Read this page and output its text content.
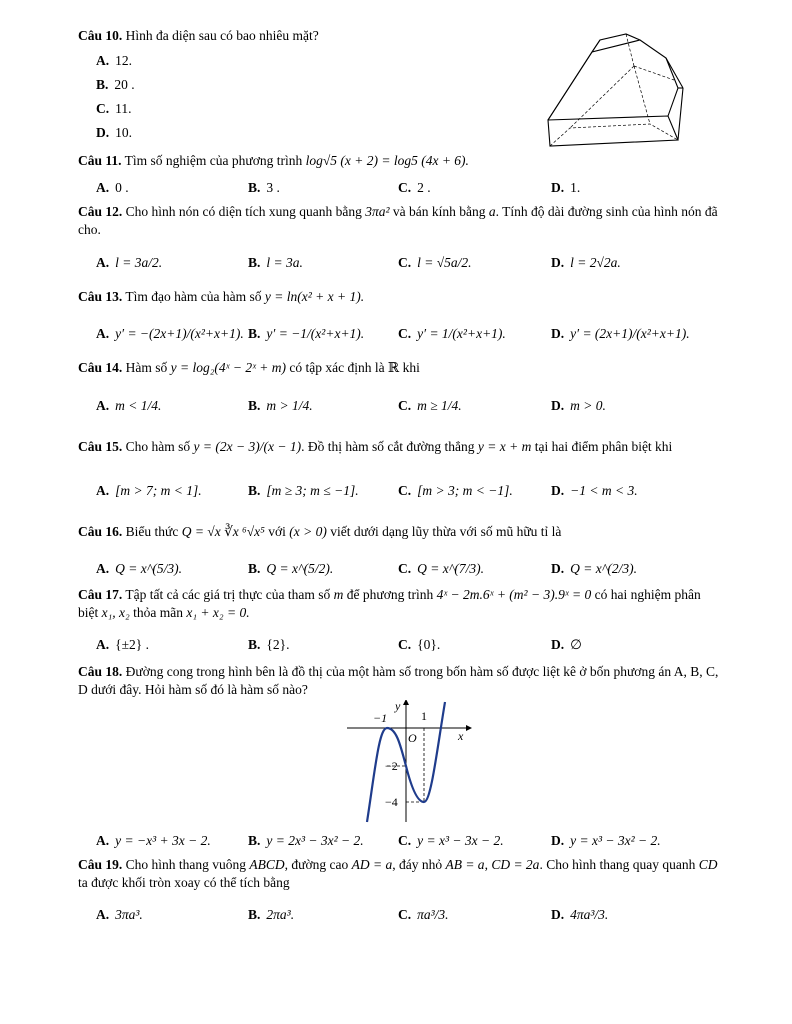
Câu 10. Hình đa diện sau có bao nhiêu mặt?
A. 12.
B. 20 .
C. 11.
D. 10.
Câu 11. Tìm số nghiệm của phương trình log√5 (x + 2) = log5 (4x + 6).
A. 0 .	B. 3 .	C. 2 .	D. 1.
Câu 12. Cho hình nón có diện tích xung quanh bằng 3πa² và bán kính bằng a. Tính độ dài đường sinh của hình nón đã cho.
A. l = 3a/2.	B. l = 3a.	C. l = √5a/2.	D. l = 2√2a.
Câu 13. Tìm đạo hàm của hàm số y = ln(x² + x + 1).
A. y′ = −(2x+1)/(x²+x+1). B. y′ = −1/(x²+x+1).	C. y′ = 1/(x²+x+1).	D. y′ = (2x+1)/(x²+x+1).
Câu 14. Hàm số y = log₂(4ˣ − 2ˣ + m) có tập xác định là ℝ khi
A. m < 1/4.	B. m > 1/4.	C. m ≥ 1/4.	D. m > 0.
Câu 15. Cho hàm số y = (2x − 3)/(x − 1). Đồ thị hàm số cắt đường thẳng y = x + m tại hai điểm phân biệt khi
A. [m > 7; m < 1].	B. [m ≥ 3; m ≤ −1].	C. [m > 3; m < −1].	D. −1 < m < 3.
Câu 16. Biểu thức Q = √x ∛x ⁶√x⁵ với (x > 0) viết dưới dạng lũy thừa với số mũ hữu tỉ là
A. Q = x^(5/3).	B. Q = x^(5/2).	C. Q = x^(7/3).	D. Q = x^(2/3).
Câu 17. Tập tất cả các giá trị thực của tham số m để phương trình 4ˣ − 2m.6ˣ + (m² − 3).9ˣ = 0 có hai nghiệm phân biệt x₁, x₂ thỏa mãn x₁ + x₂ = 0.
A. {±2} .	B. {2}.	C. {0}.	D. ∅
Câu 18. Đường cong trong hình bên là đồ thị của một hàm số trong bốn hàm số được liệt kê ở bốn phương án A, B, C, D dưới đây. Hỏi hàm số đó là hàm số nào?
−1	1
y
x
O
−2
−4
A. y = −x³ + 3x − 2.	B. y = 2x³ − 3x² − 2.	C. y = x³ − 3x − 2.	D. y = x³ − 3x² − 2.
Câu 19. Cho hình thang vuông ABCD, đường cao AD = a, đáy nhỏ AB = a, CD = 2a. Cho hình thang quay quanh CD ta được khối tròn xoay có thể tích bằng
A. 3πa³.	B. 2πa³.	C. πa³/3.	D. 4πa³/3.
